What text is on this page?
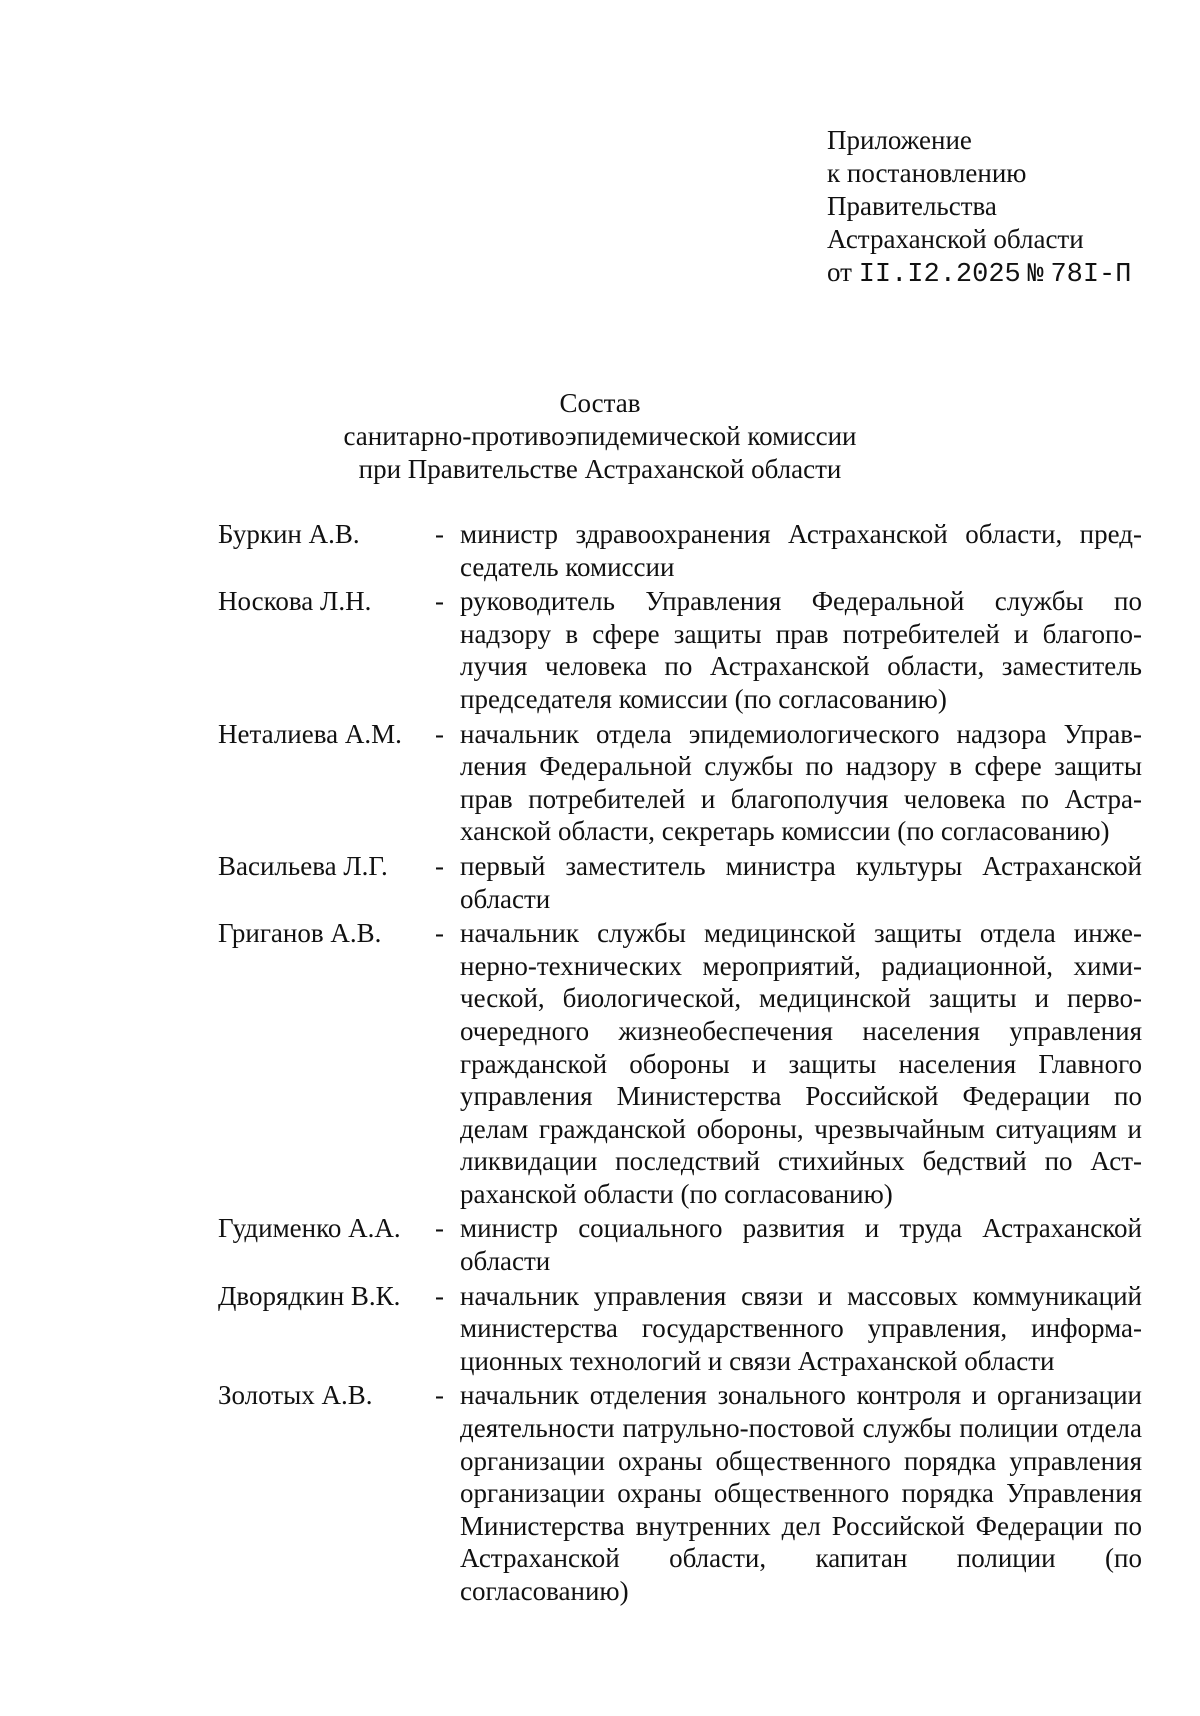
Приложение
к постановлению
Правительства
Астраханской области
от II.I2.2025 № 78I-П
Состав
санитарно-противоэпидемической комиссии
при Правительстве Астраханской области
Буркин А.В.	- министр здравоохранения Астраханской области, председатель комиссии
Носкова Л.Н.	- руководитель Управления Федеральной службы по надзору в сфере защиты прав потребителей и благополучия человека по Астраханской области, заместитель председателя комиссии (по согласованию)
Неталиева А.М.	- начальник отдела эпидемиологического надзора Управления Федеральной службы по надзору в сфере защиты прав потребителей и благополучия человека по Астраханской области, секретарь комиссии (по согласованию)
Васильева Л.Г.	- первый заместитель министра культуры Астраханской области
Григанов А.В.	- начальник службы медицинской защиты отдела инженерно-технических мероприятий, радиационной, химической, биологической, медицинской защиты и первоочередного жизнеобеспечения населения управления гражданской обороны и защиты населения Главного управления Министерства Российской Федерации по делам гражданской обороны, чрезвычайным ситуациям и ликвидации последствий стихийных бедствий по Астраханской области (по согласованию)
Гудименко А.А.	- министр социального развития и труда Астраханской области
Дворядкин В.К.	- начальник управления связи и массовых коммуникаций министерства государственного управления, информационных технологий и связи Астраханской области
Золотых А.В.	- начальник отделения зонального контроля и организации деятельности патрульно-постовой службы полиции отдела организации охраны общественного порядка управления организации охраны общественного порядка Управления Министерства внутренних дел Российской Федерации по Астраханской области, капитан полиции (по согласованию)
